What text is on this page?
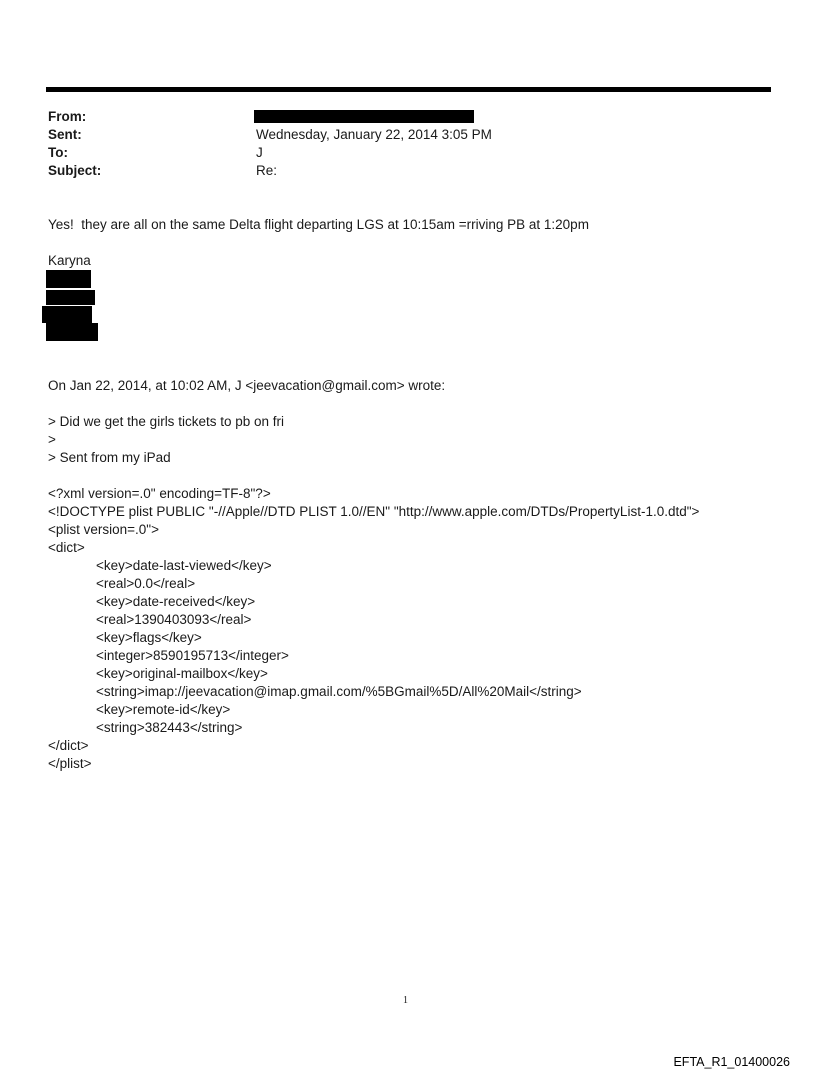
From:
Sent:	Wednesday, January 22, 2014 3:05 PM
To:	J
Subject:	Re:
Yes!  they are all on the same Delta flight departing LGS at 10:15am =rriving PB at 1:20pm
Karyna
On Jan 22, 2014, at 10:02 AM, J <jeevacation@gmail.com> wrote:
> Did we get the girls tickets to pb on fri
>
> Sent from my iPad
<?xml version=.0" encoding=TF-8"?>
<!DOCTYPE plist PUBLIC "-//Apple//DTD PLIST 1.0//EN" "http://www.apple.com/DTDs/PropertyList-1.0.dtd">
<plist version=.0">
<dict>
<key>date-last-viewed</key>
<real>0.0</real>
<key>date-received</key>
<real>1390403093</real>
<key>flags</key>
<integer>8590195713</integer>
<key>original-mailbox</key>
<string>imap://jeevacation@imap.gmail.com/%5BGmail%5D/All%20Mail</string>
<key>remote-id</key>
<string>382443</string>
</dict>
</plist>
1
EFTA_R1_01400026
